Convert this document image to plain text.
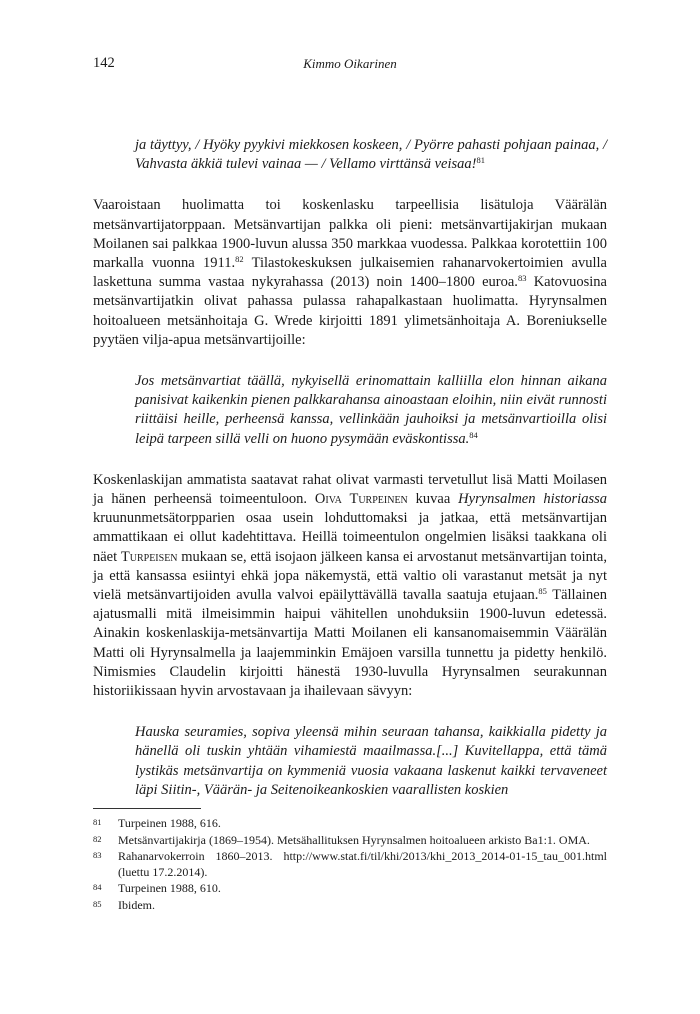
142	Kimmo Oikarinen

ja täyttyy, / Hyöky pyykivi miekkosen koskeen, / Pyörre pahasti pohjaan painaa, / Vahvasta äkkiä tulevi vainaa — / Vellamo virttänsä veisaa!$^{81}$

Vaaroistaan huolimatta toi koskenlasku tarpeellisia lisätuloja Väärälän metsänvartijatorppaan. Metsänvartijan palkka oli pieni: metsänvartijakirjan mukaan Moilanen sai palkkaa 1900-luvun alussa 350 markkaa vuodessa. Palkkaa korotettiin 100 markalla vuonna 1911.82 Tilastokeskuksen julkaisemien rahanarvokertoimien avulla laskettuna summa vastaa nykyrahassa (2013) noin 1400–1800 euroa.$^{83}$ Katovuosina metsänvartijatkin olivat pahassa pulassa rahapalkastaan huolimatta. Hyrynsalmen hoitoalueen metsänhoitaja G. Wrede kirjoitti 1891 ylimetsänhoitaja A. Boreniukselle pyytäen vilja-apua metsänvartijoille:

Jos metsänvartiat täällä, nykyisellä erinomattain kalliilla elon hinnan aikana panisivat kaikenkin pienen palkkarahansa ainoastaan eloihin, niin eivät runnosti riittäisi heille, perheensä kanssa, vellinkään jauhoiksi ja metsänvartioilla olisi leipä tarpeen sillä velli on huono pysymään eväskontissa.$^{84}$

Koskenlaskijan ammatista saatavat rahat olivat varmasti tervetullut lisä Matti Moilasen ja hänen perheensä toimeentuloon. Oiva Turpeinen kuvaa Hyrynsalmen historiassa kruununmetsätorpparien osaa usein lohduttomaksi ja jatkaa, että metsänvartijan ammattikaan ei ollut kadehtittava. Heillä toimeentulon ongelmien lisäksi taakkana oli näet Turpeisen mukaan se, että isojaon jälkeen kansa ei arvostanut metsänvartijan tointa, ja että kansassa esiintyi ehkä jopa näkemystä, että valtio oli varastanut metsät ja nyt vielä metsänvartijoiden avulla valvoi epäilyttävällä tavalla saatuja etujaan.$^{85}$ Tällainen ajatusmalli mitä ilmeisimmin haipui vähitellen unohduksiin 1900-luvun edetessä. Ainakin koskenlaskija-metsänvartija Matti Moilanen eli kansanomaisemmin Väärälän Matti oli Hyrynsalmella ja laajemminkin Emäjoen varsilla tunnettu ja pidetty henkilö. Nimismies Claudelin kirjoitti hänestä 1930-luvulla Hyrynsalmen seurakunnan historiikissaan hyvin arvostavaan ja ihailevaan sävyyn:

Hauska seuramies, sopiva yleensä mihin seuraan tahansa, kaikkialla pidetty ja hänellä oli tuskin yhtään vihamiestä maailmassa.[...] Kuvitellappa, että tämä lystikäs metsänvartija on kymmeniä vuosia vakaana laskenut kaikki tervaveneet läpi Siitin-, Väärän- ja Seitenoikeankoskien vaarallisten koskien

81	Turpeinen 1988, 616.
82	Metsänvartijakirja (1869–1954). Metsähallituksen Hyrynsalmen hoitoalueen arkisto Ba1:1. OMA.
83	Rahanarvokerroin 1860–2013. http://www.stat.fi/til/khi/2013/khi_2013_2014-01-15_tau_001.html (luettu 17.2.2014).
84	Turpeinen 1988, 610.
85	Ibidem.
